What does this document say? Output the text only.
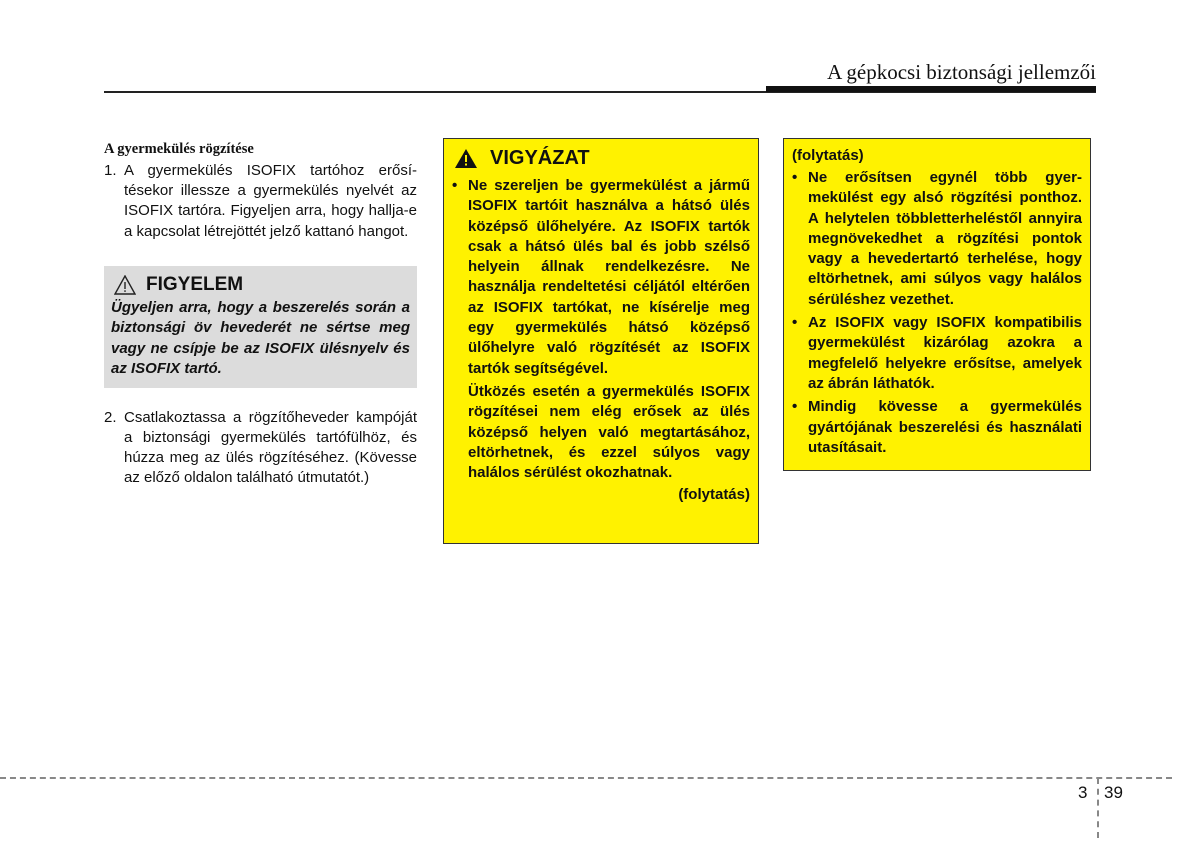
A gépkocsi biztonsági jellemzői
A gyermekülés rögzítése
1. A gyermekülés ISOFIX tartóhoz erősítésekor illessze a gyermekülés nyelvét az ISOFIX tartóra. Figyeljen arra, hogy hallja-e a kapcsolat létrejöttét jelző kattanó hangot.
FIGYELEM
Ügyeljen arra, hogy a beszerelés során a biztonsági öv hevederét ne sértse meg vagy ne csípje be az ISOFIX ülésnyelv és az ISOFIX tartó.
2. Csatlakoztassa a rögzítőheveder kampóját a biztonsági gyermekülés tartófülhöz, és húzza meg az ülés rögzítéséhez. (Kövesse az előző oldalon található útmutatót.)
VIGYÁZAT
• Ne szereljen be gyermekülést a jármű ISOFIX tartóit használva a hátsó ülés középső ülőhelyére. Az ISOFIX tartók csak a hátsó ülés bal és jobb szélső helyein állnak rendelkezésre. Ne használja rendeltetési céljától eltérően az ISOFIX tartókat, ne kísérelje meg egy gyermekülés hátsó középső ülőhelyre való rögzítését az ISOFIX tartók segítségével.
Ütközés esetén a gyermekülés ISOFIX rögzítései nem elég erősek az ülés középső helyen való megtartásához, eltörhetnek, és ezzel súlyos vagy halálos sérülést okozhatnak.
(folytatás)
(folytatás)
• Ne erősítsen egynél több gyermekülést egy alsó rögzítési ponthoz. A helytelen többletterheléstől annyira megnövekedhet a rögzítési pontok vagy a hevedertartó terhelése, hogy eltörhetnek, ami súlyos vagy halálos sérüléshez vezethet.
• Az ISOFIX vagy ISOFIX kompatibilis gyermekülést kizárólag azokra a megfelelő helyekre erősítse, amelyek az ábrán láthatók.
• Mindig kövesse a gyermekülés gyártójának beszerelési és használati utasításait.
3 39
